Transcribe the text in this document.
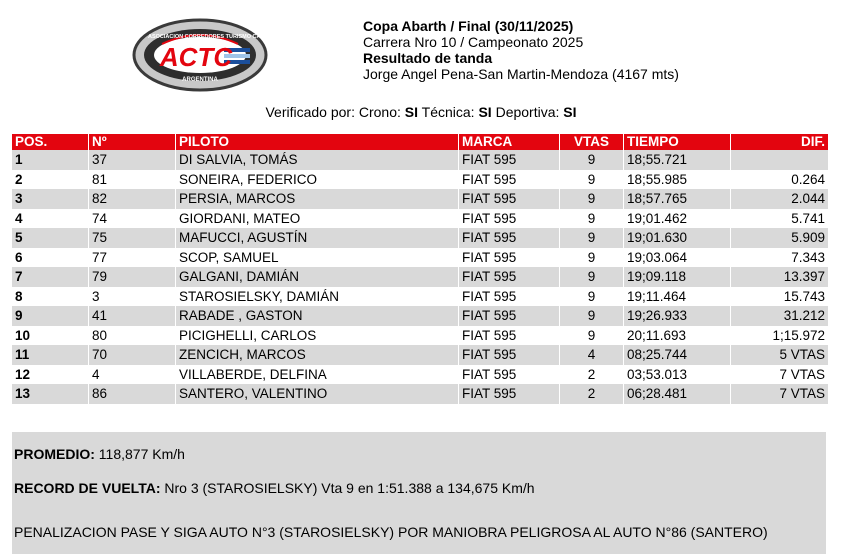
ASOCIACION CORREDORES TURISMO CARRETERA
ACTC
ARGENTINA
Copa Abarth / Final (30/11/2025)
Carrera Nro 10 / Campeonato 2025
Resultado de tanda
Jorge Angel Pena-San Martin-Mendoza (4167 mts)
Verificado por: Crono: SI Técnica: SI Deportiva: SI
POS.	Nº	PILOTO	MARCA	VTAS	TIEMPO	DIF.
1	37	DI SALVIA, TOMÁS	FIAT 595	9	18;55.721	
2	81	SONEIRA, FEDERICO	FIAT 595	9	18;55.985	0.264
3	82	PERSIA, MARCOS	FIAT 595	9	18;57.765	2.044
4	74	GIORDANI, MATEO	FIAT 595	9	19;01.462	5.741
5	75	MAFUCCI, AGUSTÍN	FIAT 595	9	19;01.630	5.909
6	77	SCOP, SAMUEL	FIAT 595	9	19;03.064	7.343
7	79	GALGANI, DAMIÁN	FIAT 595	9	19;09.118	13.397
8	3	STAROSIELSKY, DAMIÁN	FIAT 595	9	19;11.464	15.743
9	41	RABADE , GASTON	FIAT 595	9	19;26.933	31.212
10	80	PICIGHELLI, CARLOS	FIAT 595	9	20;11.693	1;15.972
11	70	ZENCICH, MARCOS	FIAT 595	4	08;25.744	5 VTAS
12	4	VILLABERDE, DELFINA	FIAT 595	2	03;53.013	7 VTAS
13	86	SANTERO, VALENTINO	FIAT 595	2	06;28.481	7 VTAS
PROMEDIO: 118,877 Km/h
RECORD DE VUELTA: Nro 3 (STAROSIELSKY) Vta 9 en 1:51.388 a 134,675 Km/h
PENALIZACION PASE Y SIGA AUTO N°3 (STAROSIELSKY) POR MANIOBRA PELIGROSA AL AUTO N°86 (SANTERO)
